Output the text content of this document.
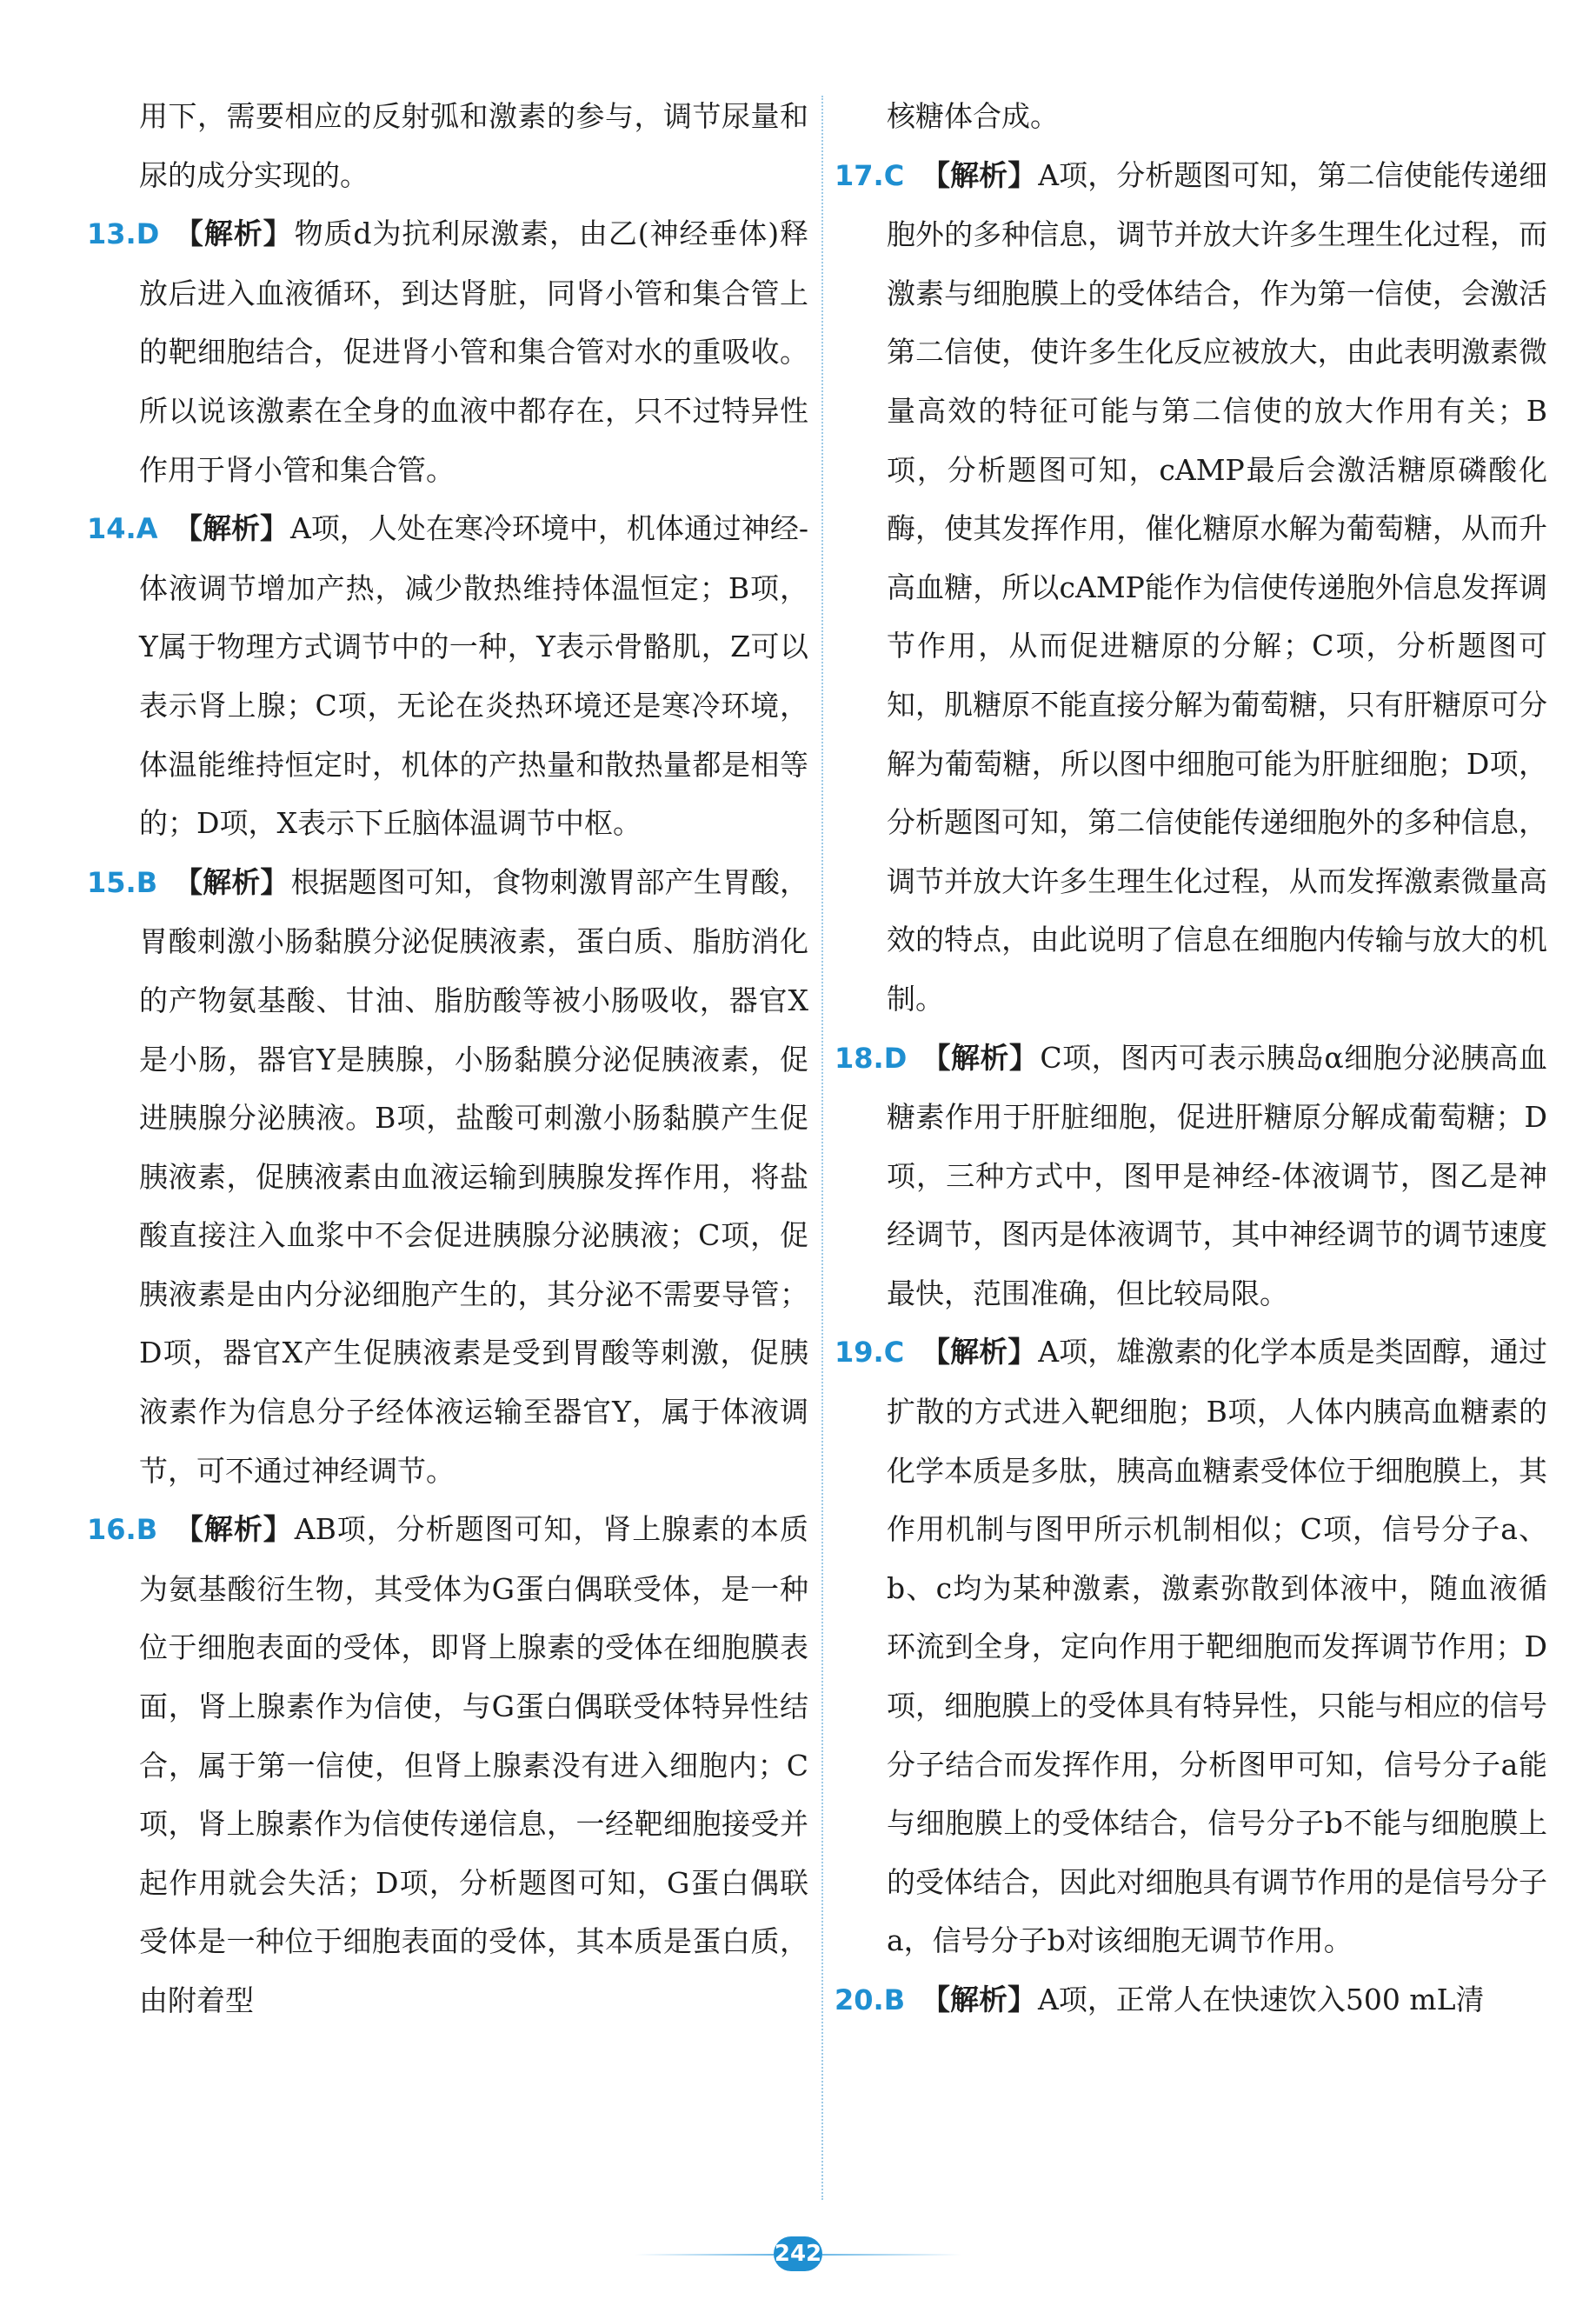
用下，需要相应的反射弧和激素的参与，调节尿量和尿的成分实现的。

13.D 【解析】物质d为抗利尿激素，由乙(神经垂体)释放后进入血液循环，到达肾脏，同肾小管和集合管上的靶细胞结合，促进肾小管和集合管对水的重吸收。所以说该激素在全身的血液中都存在，只不过特异性作用于肾小管和集合管。

14.A 【解析】A项，人处在寒冷环境中，机体通过神经-体液调节增加产热，减少散热维持体温恒定；B项，Y属于物理方式调节中的一种，Y表示骨骼肌，Z可以表示肾上腺；C项，无论在炎热环境还是寒冷环境，体温能维持恒定时，机体的产热量和散热量都是相等的；D项，X表示下丘脑体温调节中枢。

15.B 【解析】根据题图可知，食物刺激胃部产生胃酸，胃酸刺激小肠黏膜分泌促胰液素，蛋白质、脂肪消化的产物氨基酸、甘油、脂肪酸等被小肠吸收，器官X是小肠，器官Y是胰腺，小肠黏膜分泌促胰液素，促进胰腺分泌胰液。B项，盐酸可刺激小肠黏膜产生促胰液素，促胰液素由血液运输到胰腺发挥作用，将盐酸直接注入血浆中不会促进胰腺分泌胰液；C项，促胰液素是由内分泌细胞产生的，其分泌不需要导管；D项，器官X产生促胰液素是受到胃酸等刺激，促胰液素作为信息分子经体液运输至器官Y，属于体液调节，可不通过神经调节。

16.B 【解析】AB项，分析题图可知，肾上腺素的本质为氨基酸衍生物，其受体为G蛋白偶联受体，是一种位于细胞表面的受体，即肾上腺素的受体在细胞膜表面，肾上腺素作为信使，与G蛋白偶联受体特异性结合，属于第一信使，但肾上腺素没有进入细胞内；C项，肾上腺素作为信使传递信息，一经靶细胞接受并起作用就会失活；D项，分析题图可知，G蛋白偶联受体是一种位于细胞表面的受体，其本质是蛋白质，由附着型

核糖体合成。

17.C 【解析】A项，分析题图可知，第二信使能传递细胞外的多种信息，调节并放大许多生理生化过程，而激素与细胞膜上的受体结合，作为第一信使，会激活第二信使，使许多生化反应被放大，由此表明激素微量高效的特征可能与第二信使的放大作用有关；B项，分析题图可知，cAMP最后会激活糖原磷酸化酶，使其发挥作用，催化糖原水解为葡萄糖，从而升高血糖，所以cAMP能作为信使传递胞外信息发挥调节作用，从而促进糖原的分解；C项，分析题图可知，肌糖原不能直接分解为葡萄糖，只有肝糖原可分解为葡萄糖，所以图中细胞可能为肝脏细胞；D项，分析题图可知，第二信使能传递细胞外的多种信息，调节并放大许多生理生化过程，从而发挥激素微量高效的特点，由此说明了信息在细胞内传输与放大的机制。

18.D 【解析】C项，图丙可表示胰岛α细胞分泌胰高血糖素作用于肝脏细胞，促进肝糖原分解成葡萄糖；D项，三种方式中，图甲是神经-体液调节，图乙是神经调节，图丙是体液调节，其中神经调节的调节速度最快，范围准确，但比较局限。

19.C 【解析】A项，雄激素的化学本质是类固醇，通过扩散的方式进入靶细胞；B项，人体内胰高血糖素的化学本质是多肽，胰高血糖素受体位于细胞膜上，其作用机制与图甲所示机制相似；C项，信号分子a、b、c均为某种激素，激素弥散到体液中，随血液循环流到全身，定向作用于靶细胞而发挥调节作用；D项，细胞膜上的受体具有特异性，只能与相应的信号分子结合而发挥作用，分析图甲可知，信号分子a能与细胞膜上的受体结合，信号分子b不能与细胞膜上的受体结合，因此对细胞具有调节作用的是信号分子a，信号分子b对该细胞无调节作用。

20.B 【解析】A项，正常人在快速饮入500 mL清

242
